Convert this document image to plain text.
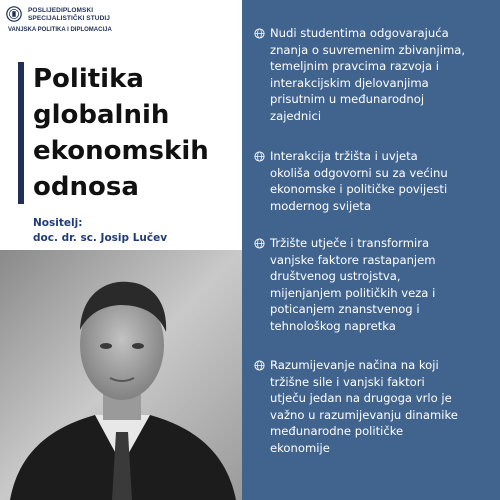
POSLIJEDIPLOMSKI
SPECIJALISTIČKI STUDIJ
VANJSKA POLITIKA I DIPLOMACIJA
Politika
globalnih
ekonomskih
odnosa
Nositelj:
doc. dr. sc. Josip Lučev
Nudi studentima odgovarajuća
znanja o suvremenim zbivanjima,
temeljnim pravcima razvoja i
interakcijskim djelovanjima
prisutnim u međunarodnoj
zajednici
Interakcija tržišta i uvjeta
okoliša odgovorni su za većinu
ekonomske i političke povijesti
modernog svijeta
Tržište utječe i transformira
vanjske faktore rastapanjem
društvenog ustrojstva,
mijenjanjem političkih veza i
poticanjem znanstvenog i
tehnološkog napretka
Razumijevanje načina na koji
tržišne sile i vanjski faktori
utječu jedan na drugoga vrlo je
važno u razumijevanju dinamike
međunarodne političke
ekonomije
